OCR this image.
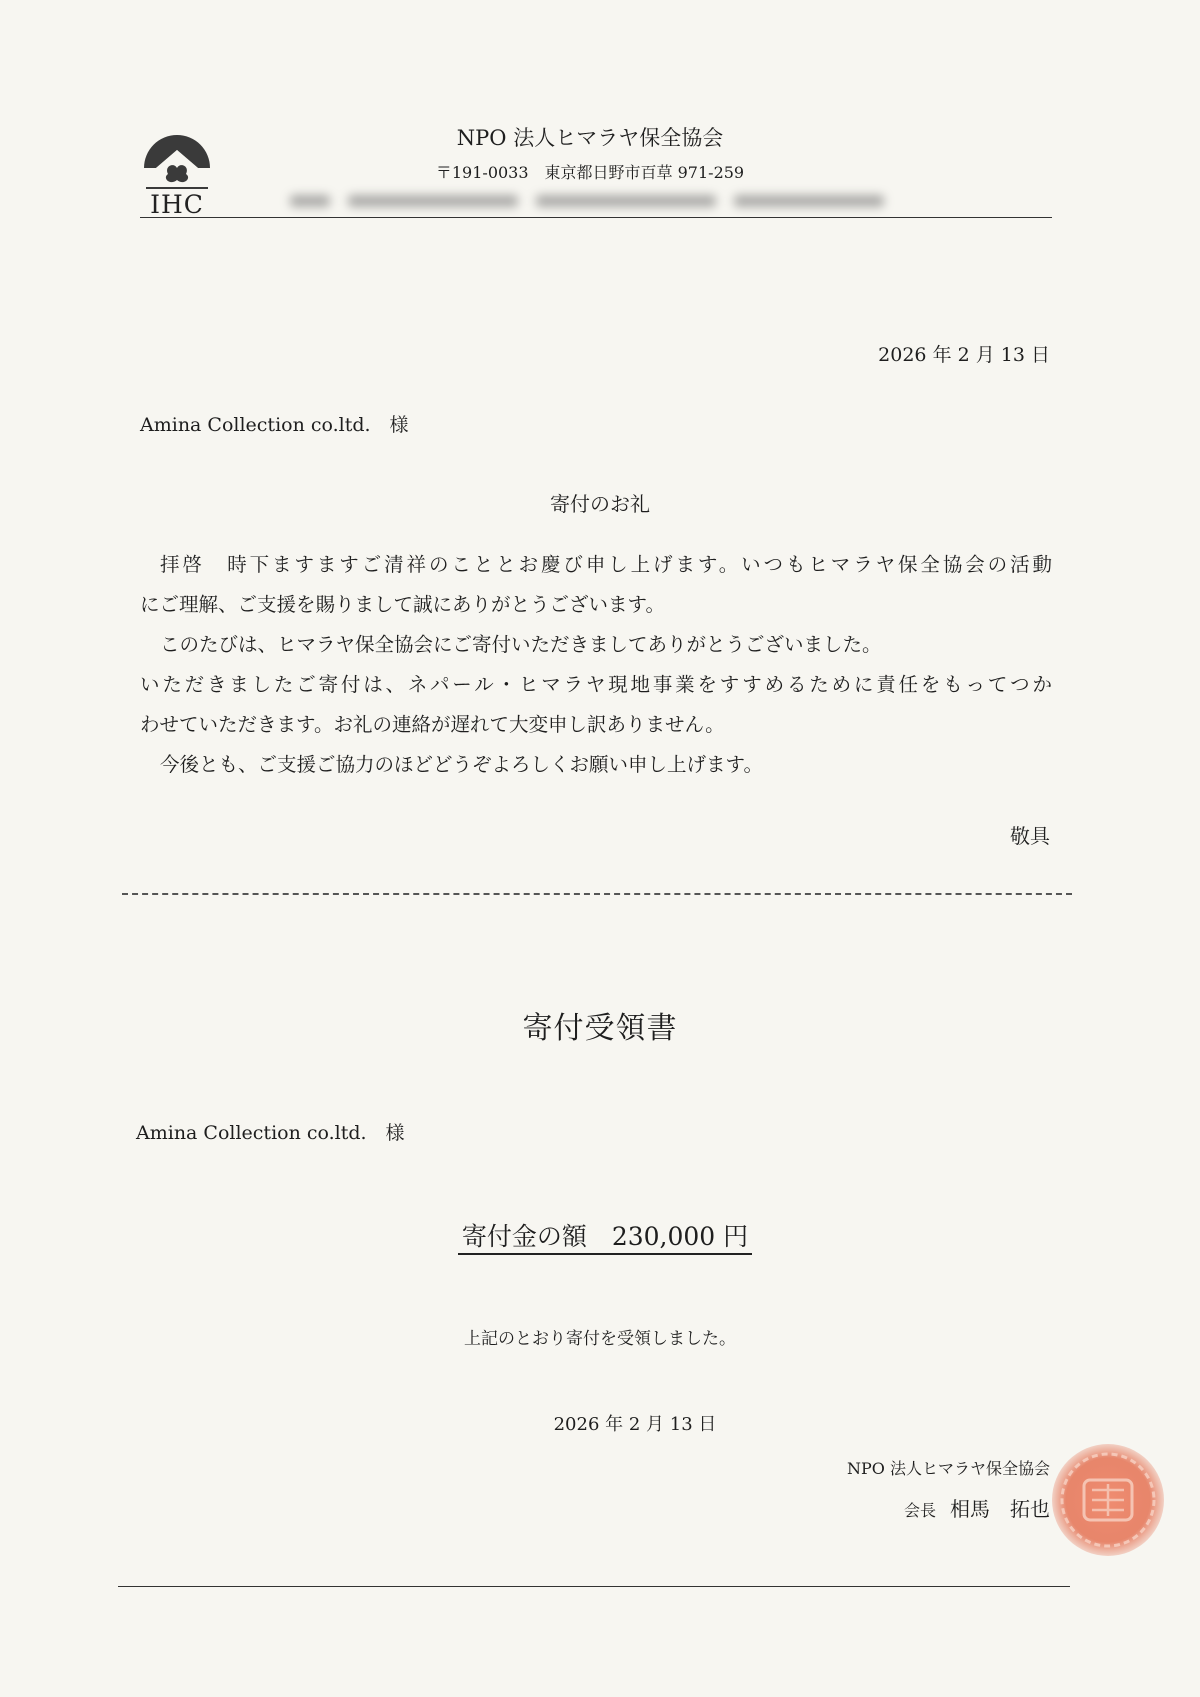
IHC
NPO 法人ヒマラヤ保全協会
〒191-0033　東京都日野市百草 971-259
2026 年 2 月 13 日
Amina Collection co.ltd.　様
寄付のお礼

拝啓　時下ますますご清祥のこととお慶び申し上げます。いつもヒマラヤ保全協会の活動

にご理解、ご支援を賜りまして誠にありがとうございます。

このたびは、ヒマラヤ保全協会にご寄付いただきましてありがとうございました。

いただきましたご寄付は、ネパール・ヒマラヤ現地事業をすすめるために責任をもってつか

わせていただきます。お礼の連絡が遅れて大変申し訳ありません。

今後とも、ご支援ご協力のほどどうぞよろしくお願い申し上げます。

敬具
寄付受領書
Amina Collection co.ltd.　様
寄付金の額　230,000 円
上記のとおり寄付を受領しました。
2026 年 2 月 13 日
NPO 法人ヒマラヤ保全協会
会長 相馬　拓也
